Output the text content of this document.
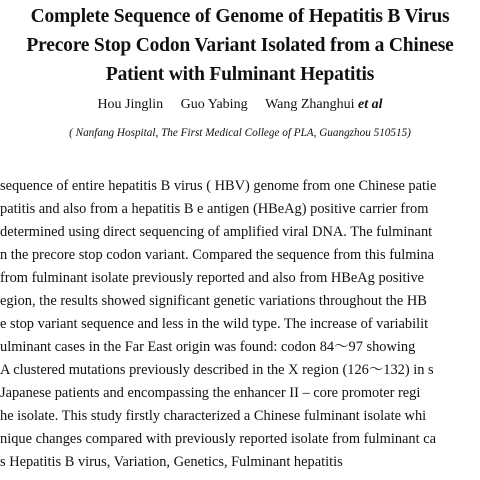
Complete Sequence of Genome of Hepatitis B Virus
Precore Stop Codon Variant Isolated from a Chinese
Patient with Fulminant Hepatitis
Hou Jinglin Guo Yabing Wang Zhanghui et al
( Nanfang Hospital, The First Medical College of PLA, Guangzhou 510515)
sequence of entire hepatitis B virus ( HBV) genome from one Chinese patie
patitis and also from a hepatitis B e antigen (HBeAg) positive carrier from
determined using direct sequencing of amplified viral DNA. The fulminant
n the precore stop codon variant. Compared the sequence from this fulmina
from fulminant isolate previously reported and also from HBeAg positive
egion, the results showed significant genetic variations throughout the HB
e stop variant sequence and less in the wild type. The increase of variabilit
ulminant cases in the Far East origin was found: codon 84～97 showing
A clustered mutations previously described in the X region (126～132) in s
Japanese patients and encompassing the enhancer II – core promoter regi
he isolate. This study firstly characterized a Chinese fulminant isolate whi
nique changes compared with previously reported isolate from fulminant ca
s Hepatitis B virus, Variation, Genetics, Fulminant hepatitis
